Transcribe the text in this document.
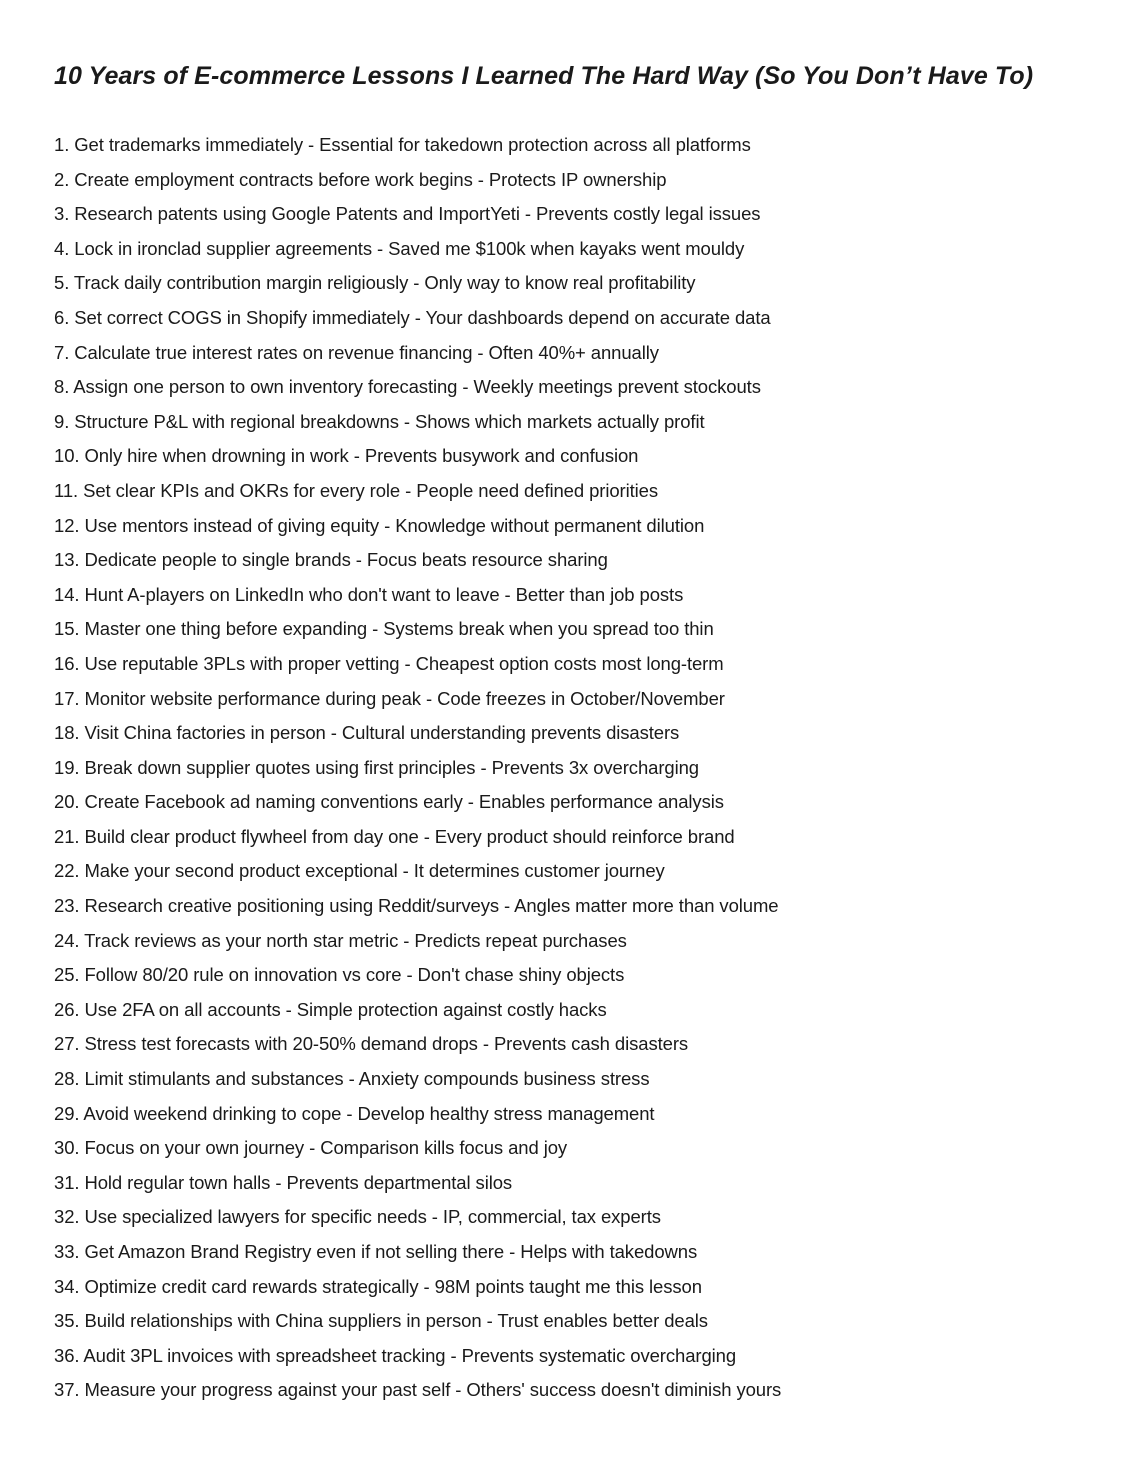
10 Years of E-commerce Lessons I Learned The Hard Way (So You Don’t Have To)
1. Get trademarks immediately - Essential for takedown protection across all platforms
2. Create employment contracts before work begins - Protects IP ownership
3. Research patents using Google Patents and ImportYeti - Prevents costly legal issues
4. Lock in ironclad supplier agreements - Saved me $100k when kayaks went mouldy
5. Track daily contribution margin religiously - Only way to know real profitability
6. Set correct COGS in Shopify immediately - Your dashboards depend on accurate data
7. Calculate true interest rates on revenue financing - Often 40%+ annually
8. Assign one person to own inventory forecasting - Weekly meetings prevent stockouts
9. Structure P&L with regional breakdowns - Shows which markets actually profit
10. Only hire when drowning in work - Prevents busywork and confusion
11. Set clear KPIs and OKRs for every role - People need defined priorities
12. Use mentors instead of giving equity - Knowledge without permanent dilution
13. Dedicate people to single brands - Focus beats resource sharing
14. Hunt A-players on LinkedIn who don't want to leave - Better than job posts
15. Master one thing before expanding - Systems break when you spread too thin
16. Use reputable 3PLs with proper vetting - Cheapest option costs most long-term
17. Monitor website performance during peak - Code freezes in October/November
18. Visit China factories in person - Cultural understanding prevents disasters
19. Break down supplier quotes using first principles - Prevents 3x overcharging
20. Create Facebook ad naming conventions early - Enables performance analysis
21. Build clear product flywheel from day one - Every product should reinforce brand
22. Make your second product exceptional - It determines customer journey
23. Research creative positioning using Reddit/surveys - Angles matter more than volume
24. Track reviews as your north star metric - Predicts repeat purchases
25. Follow 80/20 rule on innovation vs core - Don't chase shiny objects
26. Use 2FA on all accounts - Simple protection against costly hacks
27. Stress test forecasts with 20-50% demand drops - Prevents cash disasters
28. Limit stimulants and substances - Anxiety compounds business stress
29. Avoid weekend drinking to cope - Develop healthy stress management
30. Focus on your own journey - Comparison kills focus and joy
31. Hold regular town halls - Prevents departmental silos
32. Use specialized lawyers for specific needs - IP, commercial, tax experts
33. Get Amazon Brand Registry even if not selling there - Helps with takedowns
34. Optimize credit card rewards strategically - 98M points taught me this lesson
35. Build relationships with China suppliers in person - Trust enables better deals
36. Audit 3PL invoices with spreadsheet tracking - Prevents systematic overcharging
37. Measure your progress against your past self - Others' success doesn't diminish yours
